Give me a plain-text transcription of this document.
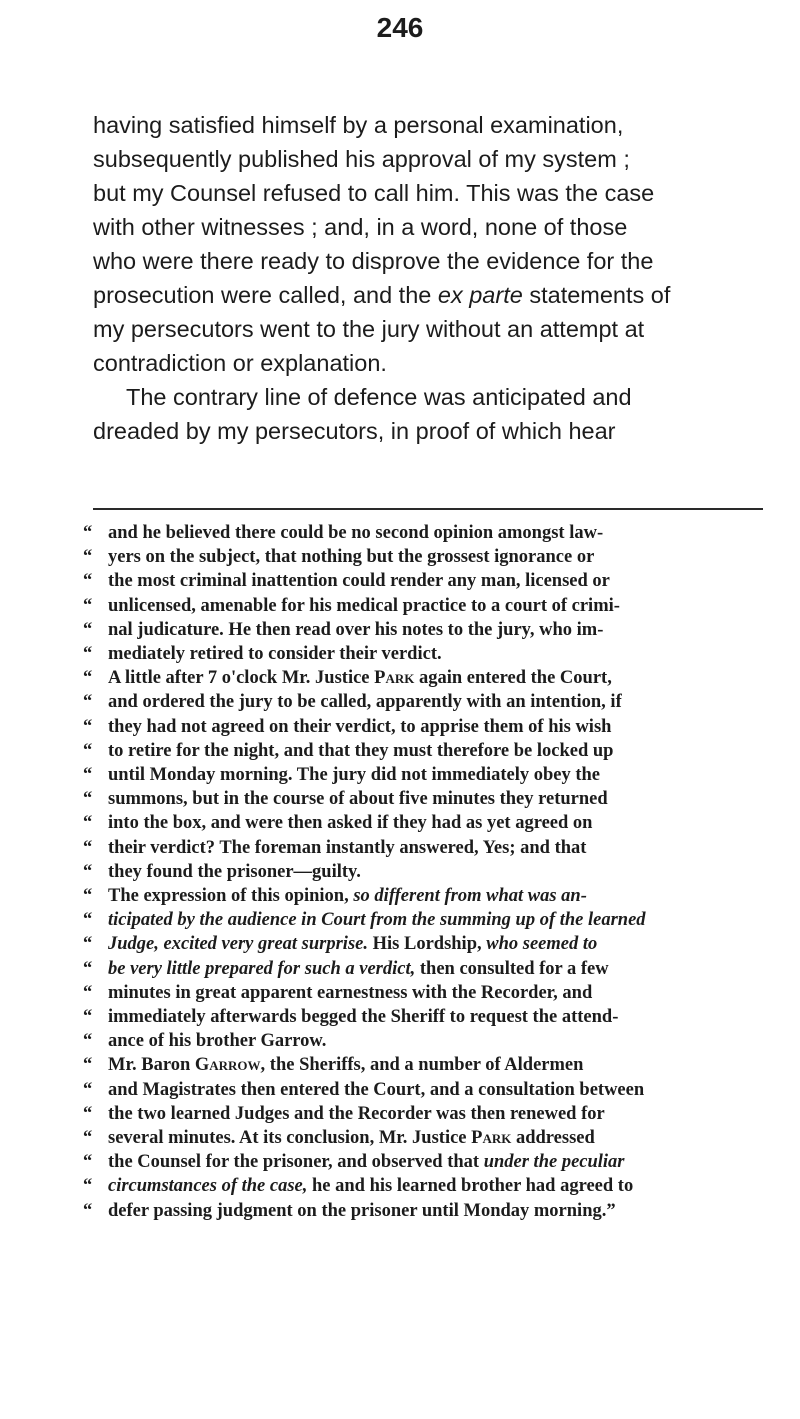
246
having satisfied himself by a personal examination,
subsequently published his approval of my system ;
but my Counsel refused to call him. This was the case
with other witnesses ; and, in a word, none of those
who were there ready to disprove the evidence for the
prosecution were called, and the ex parte statements of
my persecutors went to the jury without an attempt at
contradiction or explanation.
The contrary line of defence was anticipated and
dreaded by my persecutors, in proof of which hear
“ and he believed there could be no second opinion amongst law-
“ yers on the subject, that nothing but the grossest ignorance or
“ the most criminal inattention could render any man, licensed or
“ unlicensed, amenable for his medical practice to a court of crimi-
“ nal judicature. He then read over his notes to the jury, who im-
“ mediately retired to consider their verdict.
“ A little after 7 o'clock Mr. Justice Park again entered the Court,
“ and ordered the jury to be called, apparently with an intention, if
“ they had not agreed on their verdict, to apprise them of his wish
“ to retire for the night, and that they must therefore be locked up
“ until Monday morning. The jury did not immediately obey the
“ summons, but in the course of about five minutes they returned
“ into the box, and were then asked if they had as yet agreed on
“ their verdict? The foreman instantly answered, Yes; and that
“ they found the prisoner—guilty.
“ The expression of this opinion, so different from what was an-
“ ticipated by the audience in Court from the summing up of the learned
“ Judge, excited very great surprise. His Lordship, who seemed to
“ be very little prepared for such a verdict, then consulted for a few
“ minutes in great apparent earnestness with the Recorder, and
“ immediately afterwards begged the Sheriff to request the attend-
“ ance of his brother Garrow.
“ Mr. Baron Garrow, the Sheriffs, and a number of Aldermen
“ and Magistrates then entered the Court, and a consultation between
“ the two learned Judges and the Recorder was then renewed for
“ several minutes. At its conclusion, Mr. Justice Park addressed
“ the Counsel for the prisoner, and observed that under the peculiar
“ circumstances of the case, he and his learned brother had agreed to
“ defer passing judgment on the prisoner until Monday morning.”
